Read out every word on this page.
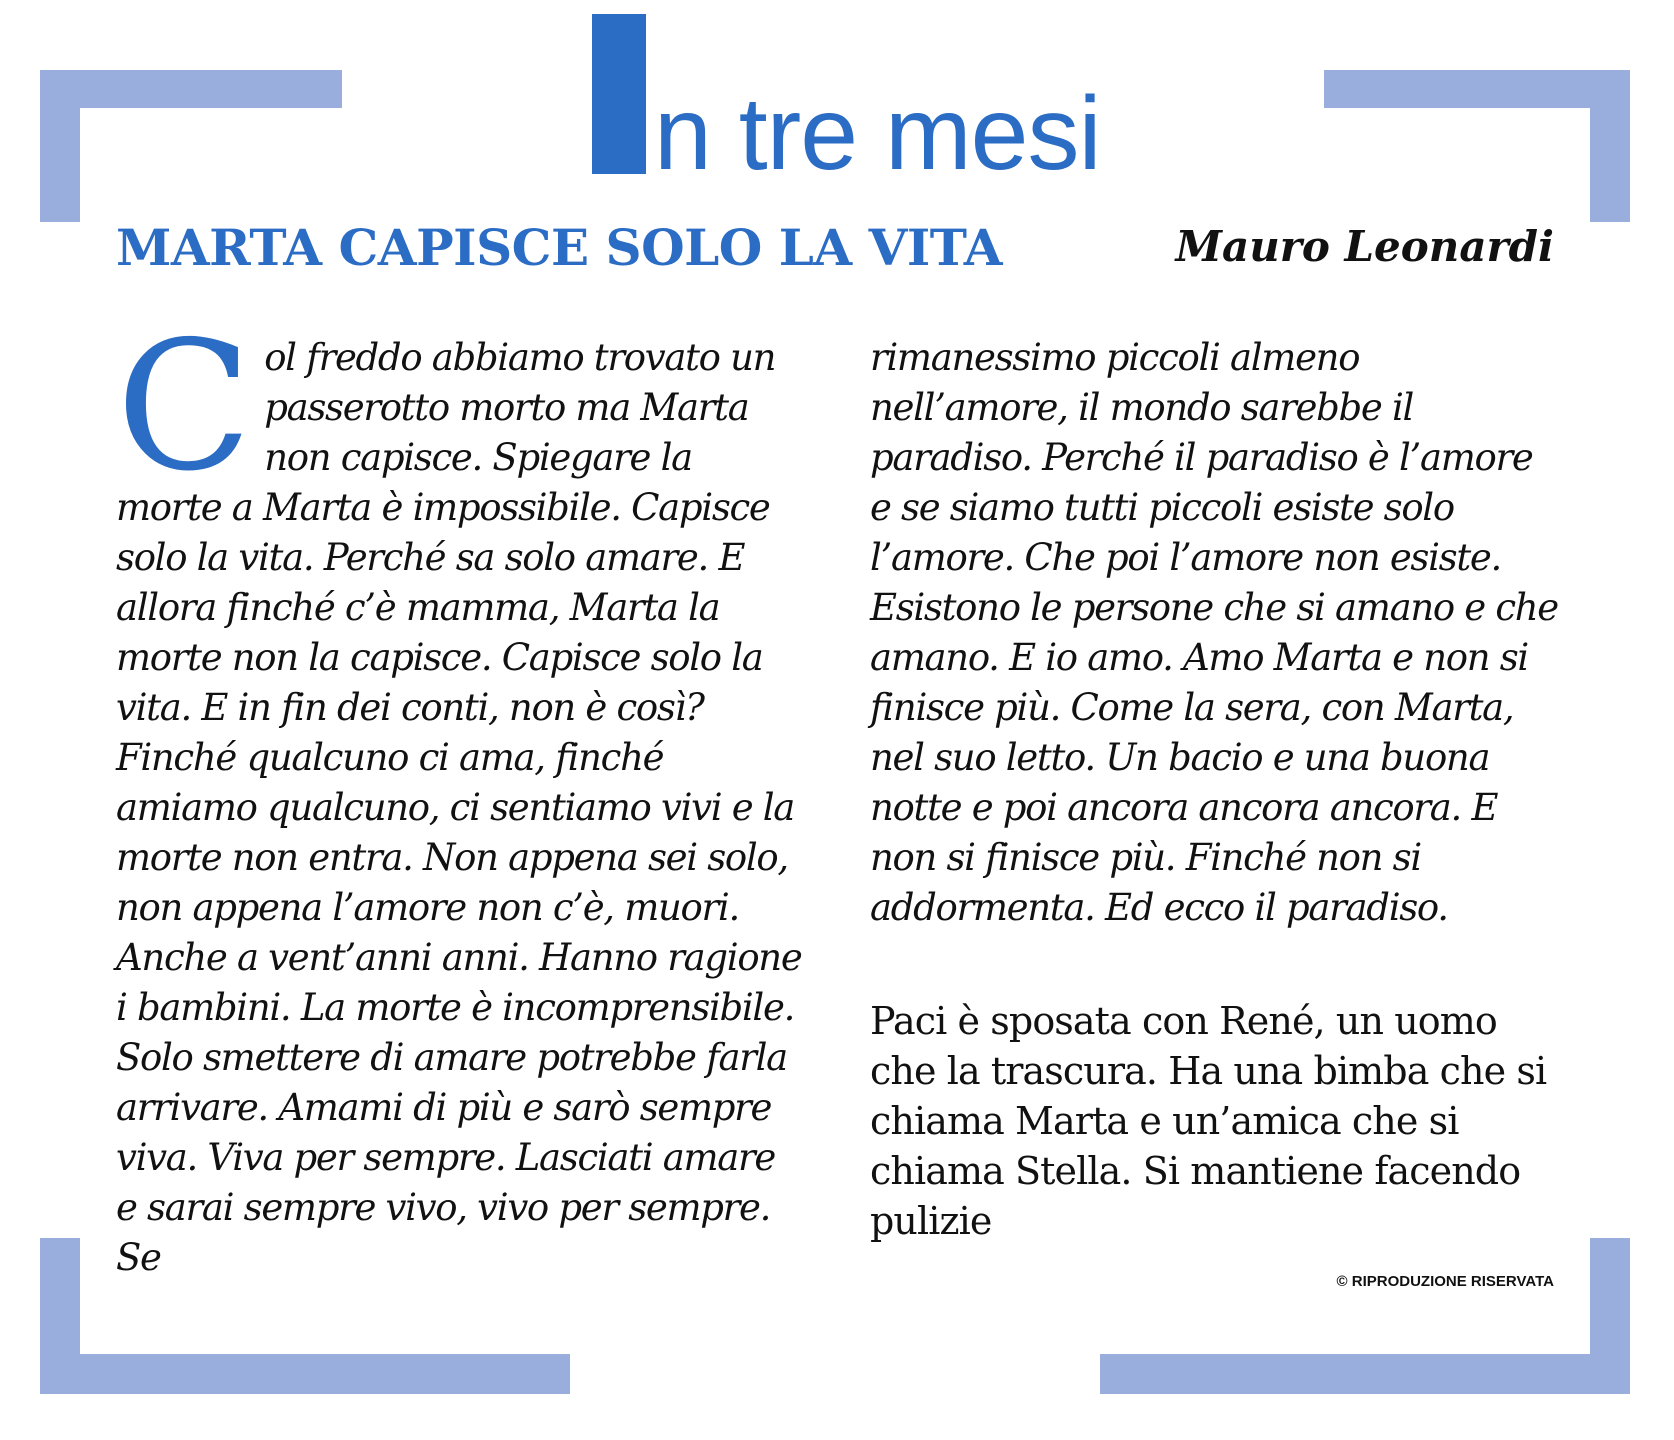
n tre mesi
MARTA CAPISCE SOLO LA VITA	Mauro Leonardi
C ol freddo abbiamo trovato un passerotto morto ma Marta non capisce. Spiegare la morte a Marta è impossibile. Capisce solo la vita. Perché sa solo amare. E allora finché c’è mamma, Marta la morte non la capisce. Capisce solo la vita. E in fin dei conti, non è così? Finché qualcuno ci ama, finché amiamo qualcuno, ci sentiamo vivi e la morte non entra. Non appena sei solo, non appena l’amore non c’è, muori. Anche a vent’anni anni. Hanno ragione i bambini. La morte è incomprensibile. Solo smettere di amare potrebbe farla arrivare. Amami di più e sarò sempre viva. Viva per sempre. Lasciati amare e sarai sempre vivo, vivo per sempre. Se

rimanessimo piccoli almeno nell’amore, il mondo sarebbe il paradiso. Perché il paradiso è l’amore e se siamo tutti piccoli esiste solo l’amore. Che poi l’amore non esiste. Esistono le persone che si amano e che amano. E io amo. Amo Marta e non si finisce più. Come la sera, con Marta, nel suo letto. Un bacio e una buona notte e poi ancora ancora ancora. E non si finisce più. Finché non si addormenta. Ed ecco il paradiso.

Paci è sposata con René, un uomo che la trascura. Ha una bimba che si chiama Marta e un’amica che si chiama Stella. Si mantiene facendo pulizie

© RIPRODUZIONE RISERVATA
